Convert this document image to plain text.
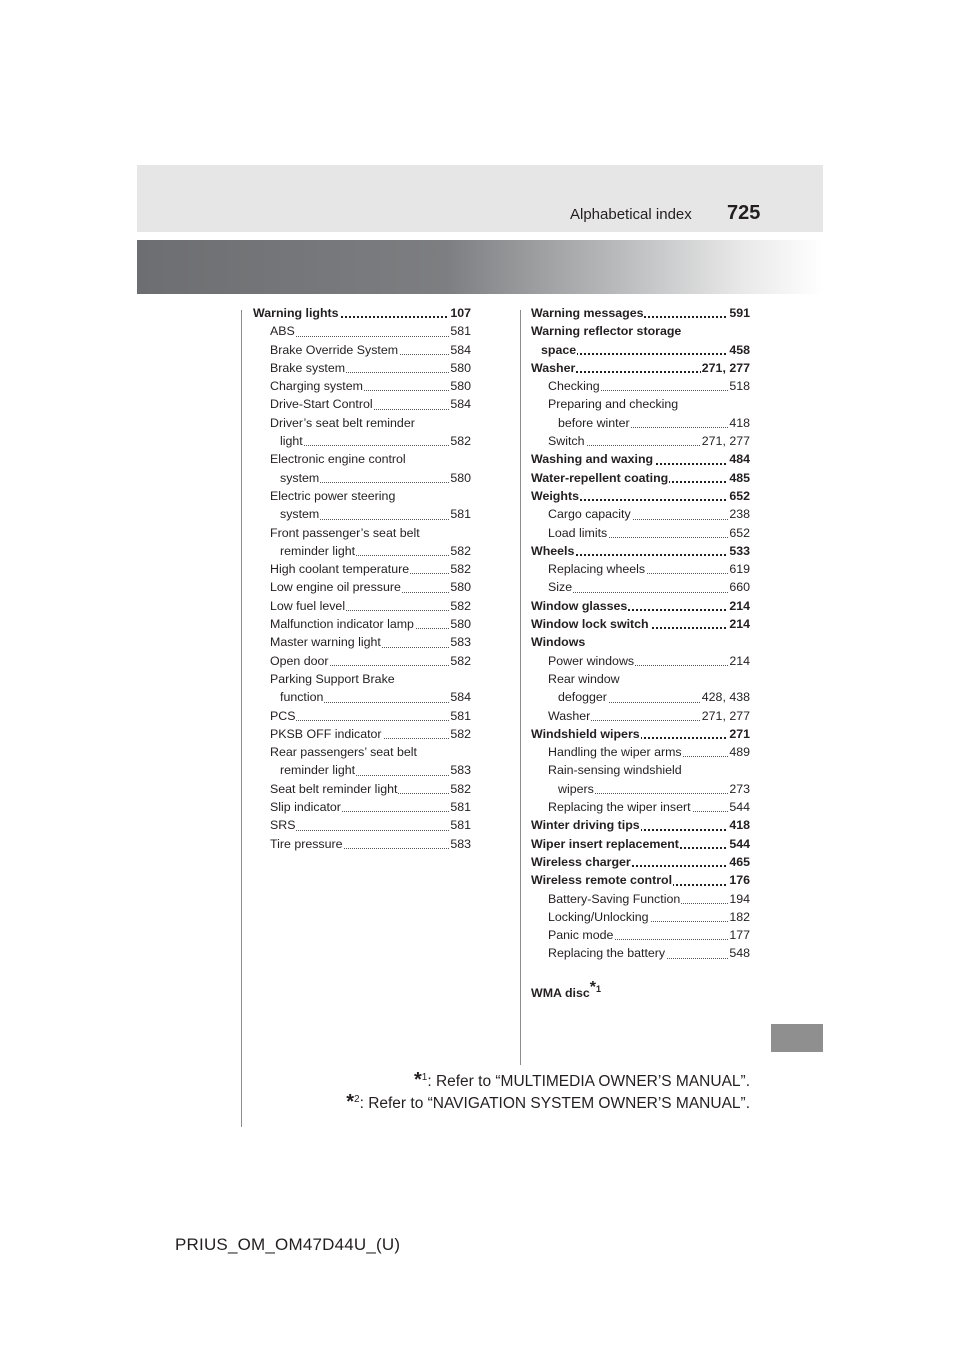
Alphabetical index 725
Warning lights	107
ABS	581
Brake Override System	584
Brake system	580
Charging system	580
Drive-Start Control	584
Driver’s seat belt reminder
light	582
Electronic engine control
system	580
Electric power steering
system	581
Front passenger’s seat belt
reminder light	582
High coolant temperature	582
Low engine oil pressure	580
Low fuel level	582
Malfunction indicator lamp	580
Master warning light	583
Open door	582
Parking Support Brake
function	584
PCS	581
PKSB OFF indicator	582
Rear passengers’ seat belt
reminder light	583
Seat belt reminder light	582
Slip indicator	581
SRS	581
Tire pressure	583
Warning messages	591
Warning reflector storage
space	458
Washer	271, 277
Checking	518
Preparing and checking
before winter	418
Switch	271, 277
Washing and waxing	484
Water-repellent coating	485
Weights	652
Cargo capacity	238
Load limits	652
Wheels	533
Replacing wheels	619
Size	660
Window glasses	214
Window lock switch	214
Windows
Power windows	214
Rear window
defogger	428, 438
Washer	271, 277
Windshield wipers	271
Handling the wiper arms	489
Rain-sensing windshield
wipers	273
Replacing the wiper insert	544
Winter driving tips	418
Wiper insert replacement	544
Wireless charger	465
Wireless remote control	176
Battery-Saving Function	194
Locking/Unlocking	182
Panic mode	177
Replacing the battery	548
WMA disc$^{*1}$
*$^1$: Refer to “MULTIMEDIA OWNER’S MANUAL”.
*$^2$: Refer to “NAVIGATION SYSTEM OWNER’S MANUAL”.
PRIUS_OM_OM47D44U_(U)
